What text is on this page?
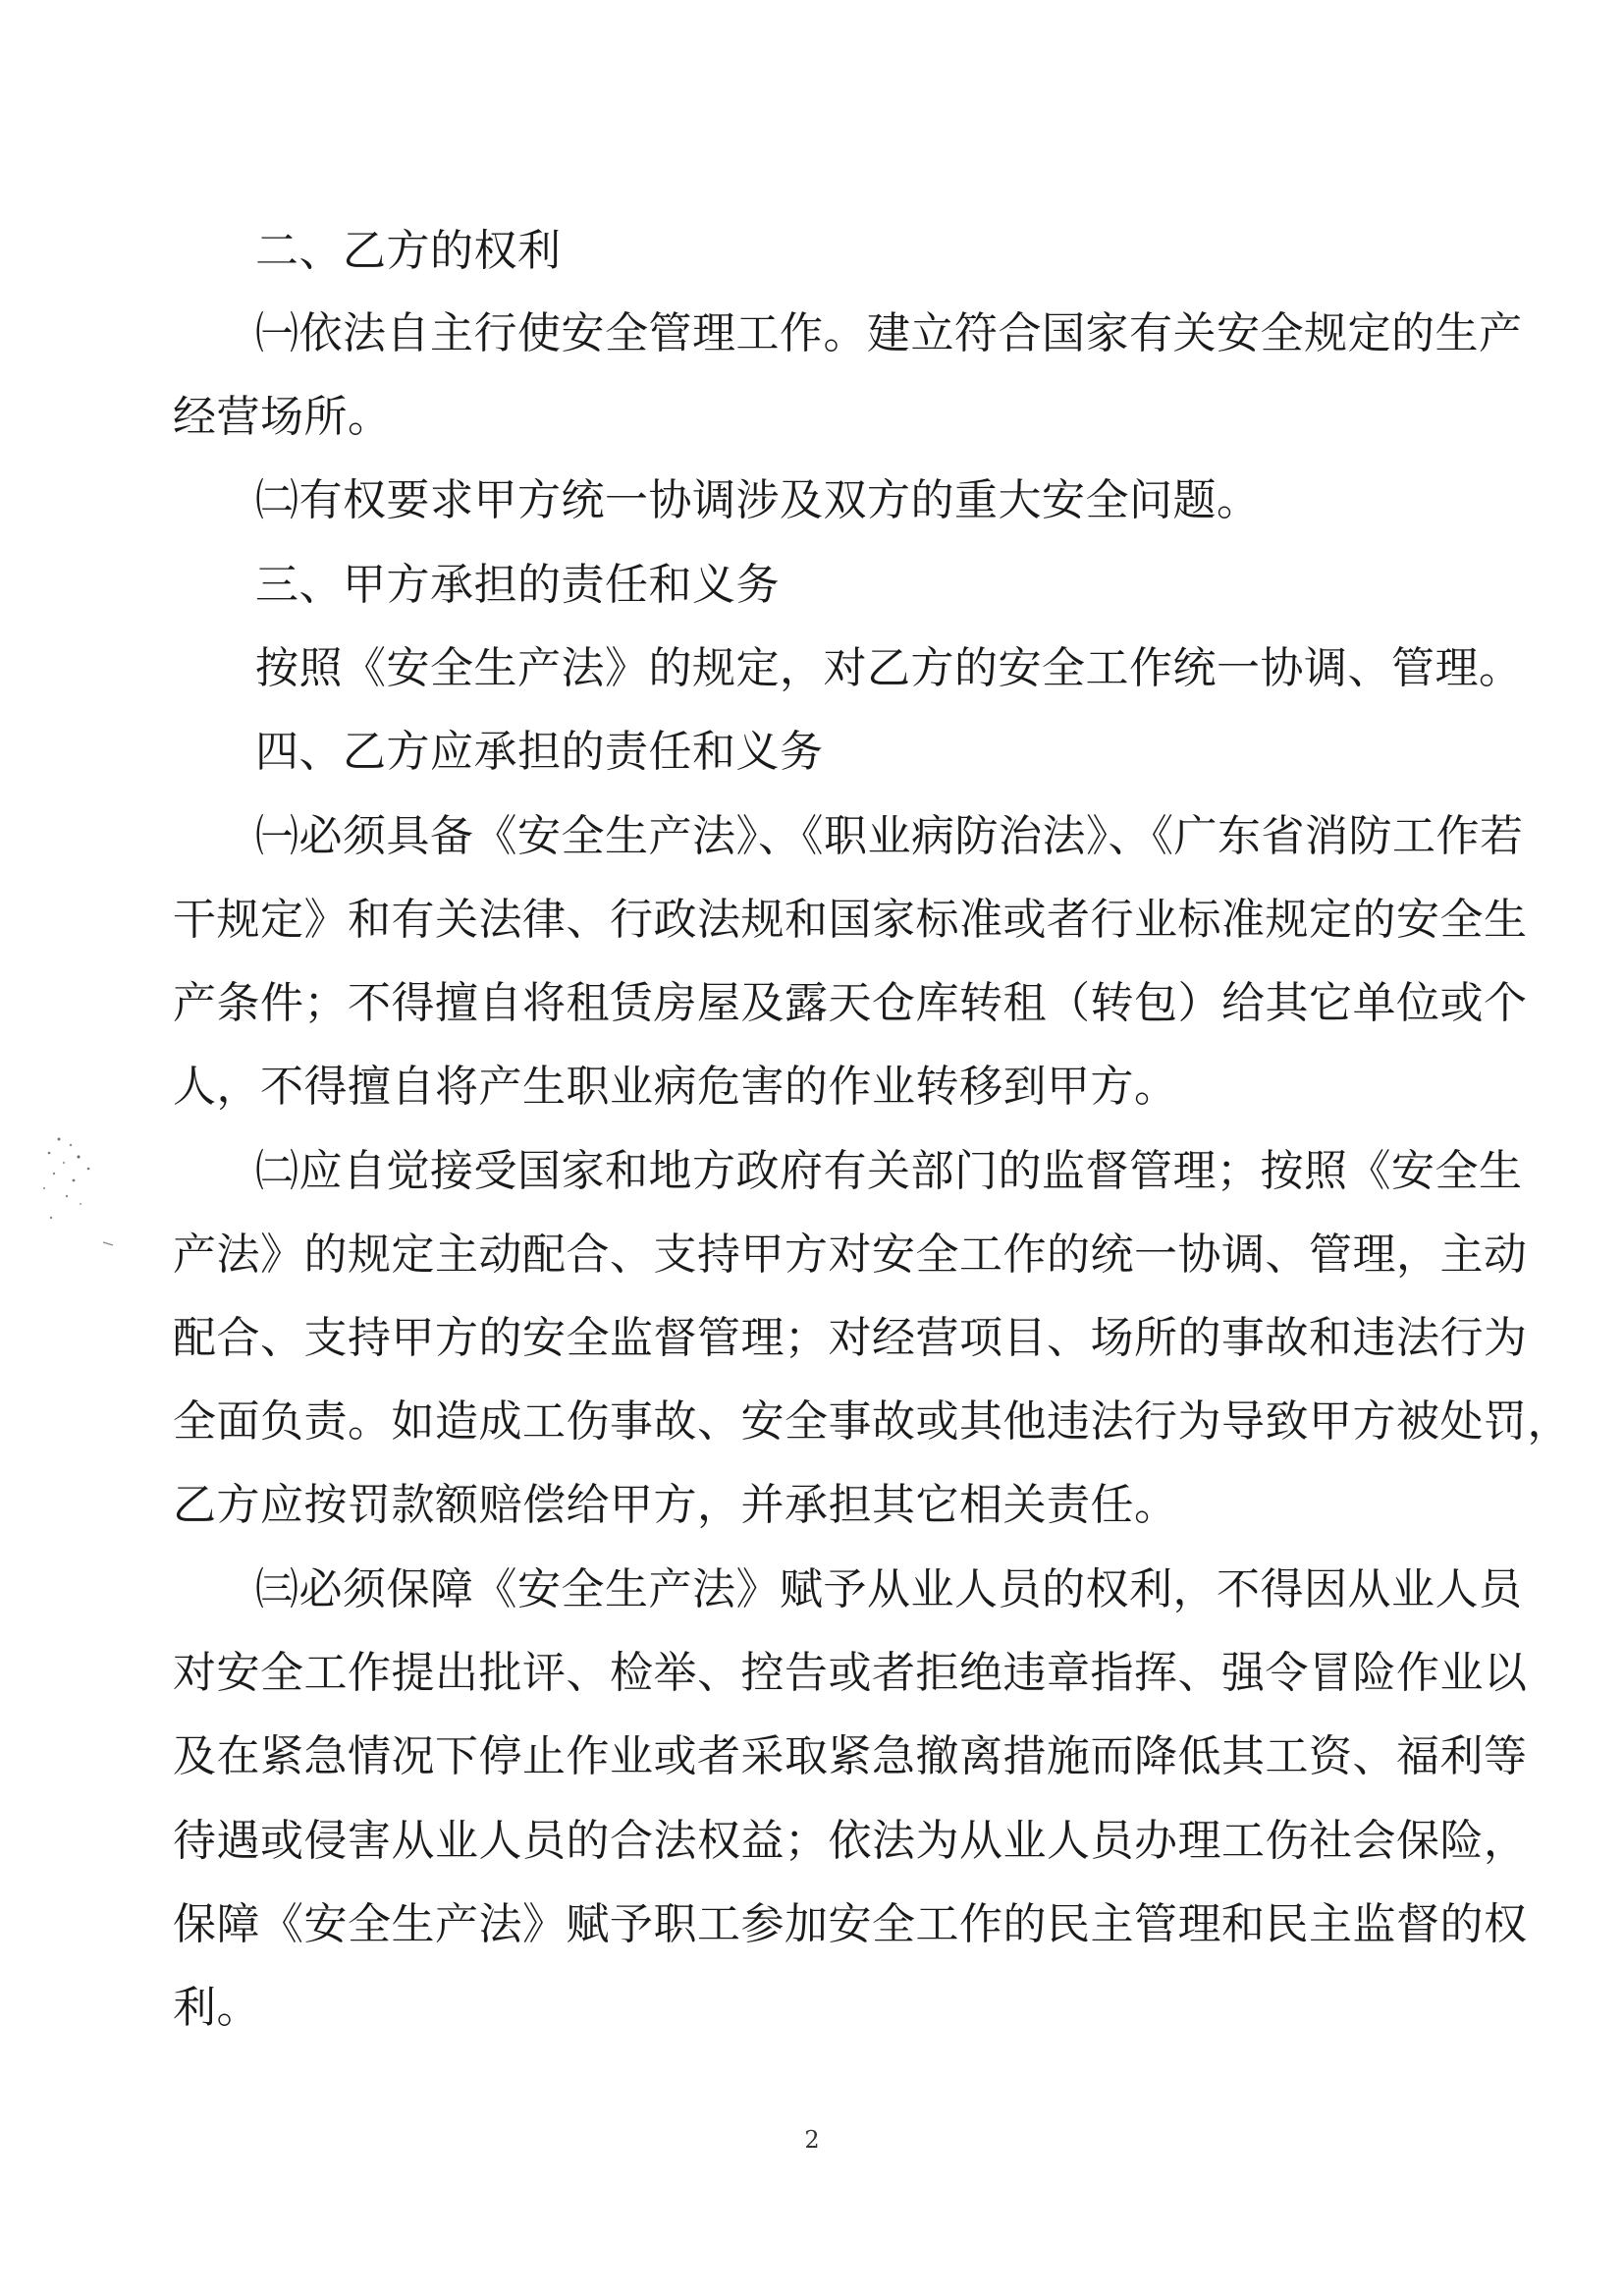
二、乙方的权利
㈠依法自主行使安全管理工作。建立符合国家有关安全规定的生产
经营场所。
㈡有权要求甲方统一协调涉及双方的重大安全问题。
三、甲方承担的责任和义务
按照《安全生产法》的规定，对乙方的安全工作统一协调、管理。
四、乙方应承担的责任和义务
㈠必须具备《安全生产法》、《职业病防治法》、《广东省消防工作若
干规定》和有关法律、行政法规和国家标准或者行业标准规定的安全生
产条件；不得擅自将租赁房屋及露天仓库转租（转包）给其它单位或个
人，不得擅自将产生职业病危害的作业转移到甲方。
㈡应自觉接受国家和地方政府有关部门的监督管理；按照《安全生
产法》的规定主动配合、支持甲方对安全工作的统一协调、管理，主动
配合、支持甲方的安全监督管理；对经营项目、场所的事故和违法行为
全面负责。如造成工伤事故、安全事故或其他违法行为导致甲方被处罚，
乙方应按罚款额赔偿给甲方，并承担其它相关责任。
㈢必须保障《安全生产法》赋予从业人员的权利，不得因从业人员
对安全工作提出批评、检举、控告或者拒绝违章指挥、强令冒险作业以
及在紧急情况下停止作业或者采取紧急撤离措施而降低其工资、福利等
待遇或侵害从业人员的合法权益；依法为从业人员办理工伤社会保险，
保障《安全生产法》赋予职工参加安全工作的民主管理和民主监督的权
利。
2
